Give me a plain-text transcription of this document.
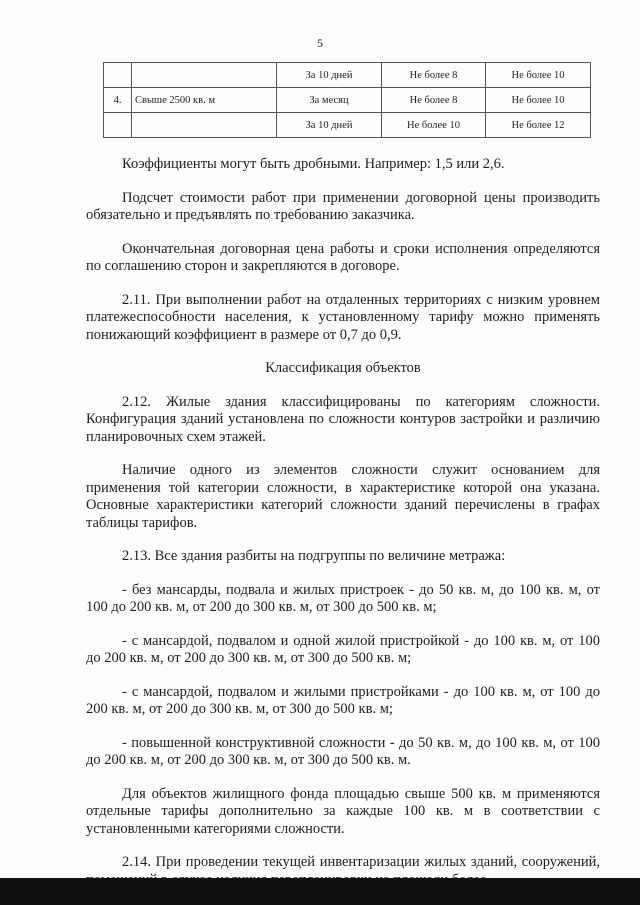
5
		За 10 дней	Не более 8	Не более 10
4.	Свыше 2500 кв. м	За месяц	Не более 8	Не более 10
		За 10 дней	Не более 10	Не более 12

Коэффициенты могут быть дробными. Например: 1,5 или 2,6.

Подсчет стоимости работ при применении договорной цены производить обязательно и предъявлять по требованию заказчика.

Окончательная договорная цена работы и сроки исполнения определяются по соглашению сторон и закрепляются в договоре.

2.11. При выполнении работ на отдаленных территориях с низким уровнем платежеспособности населения, к установленному тарифу можно применять понижающий коэффициент в размере от 0,7 до 0,9.

Классификация объектов

2.12. Жилые здания классифицированы по категориям сложности. Конфигурация зданий установлена по сложности контуров застройки и различию планировочных схем этажей.

Наличие одного из элементов сложности служит основанием для применения той категории сложности, в характеристике которой она указана. Основные характеристики категорий сложности зданий перечислены в графах таблицы тарифов.

2.13. Все здания разбиты на подгруппы по величине метража:

- без мансарды, подвала и жилых пристроек - до 50 кв. м, до 100 кв. м, от 100 до 200 кв. м, от 200 до 300 кв. м, от 300 до 500 кв. м;

- с мансардой, подвалом и одной жилой пристройкой - до 100 кв. м, от 100 до 200 кв. м, от 200 до 300 кв. м, от 300 до 500 кв. м;

- с мансардой, подвалом и жилыми пристройками - до 100 кв. м, от 100 до 200 кв. м, от 200 до 300 кв. м, от 300 до 500 кв. м;

- повышенной конструктивной сложности - до 50 кв. м, до 100 кв. м, от 100 до 200 кв. м, от 200 до 300 кв. м, от 300 до 500 кв. м.

Для объектов жилищного фонда площадью свыше 500 кв. м применяются отдельные тарифы дополнительно за каждые 100 кв. м в соответствии с установленными категориями сложности.

2.14. При проведении текущей инвентаризации жилых зданий, сооружений,
